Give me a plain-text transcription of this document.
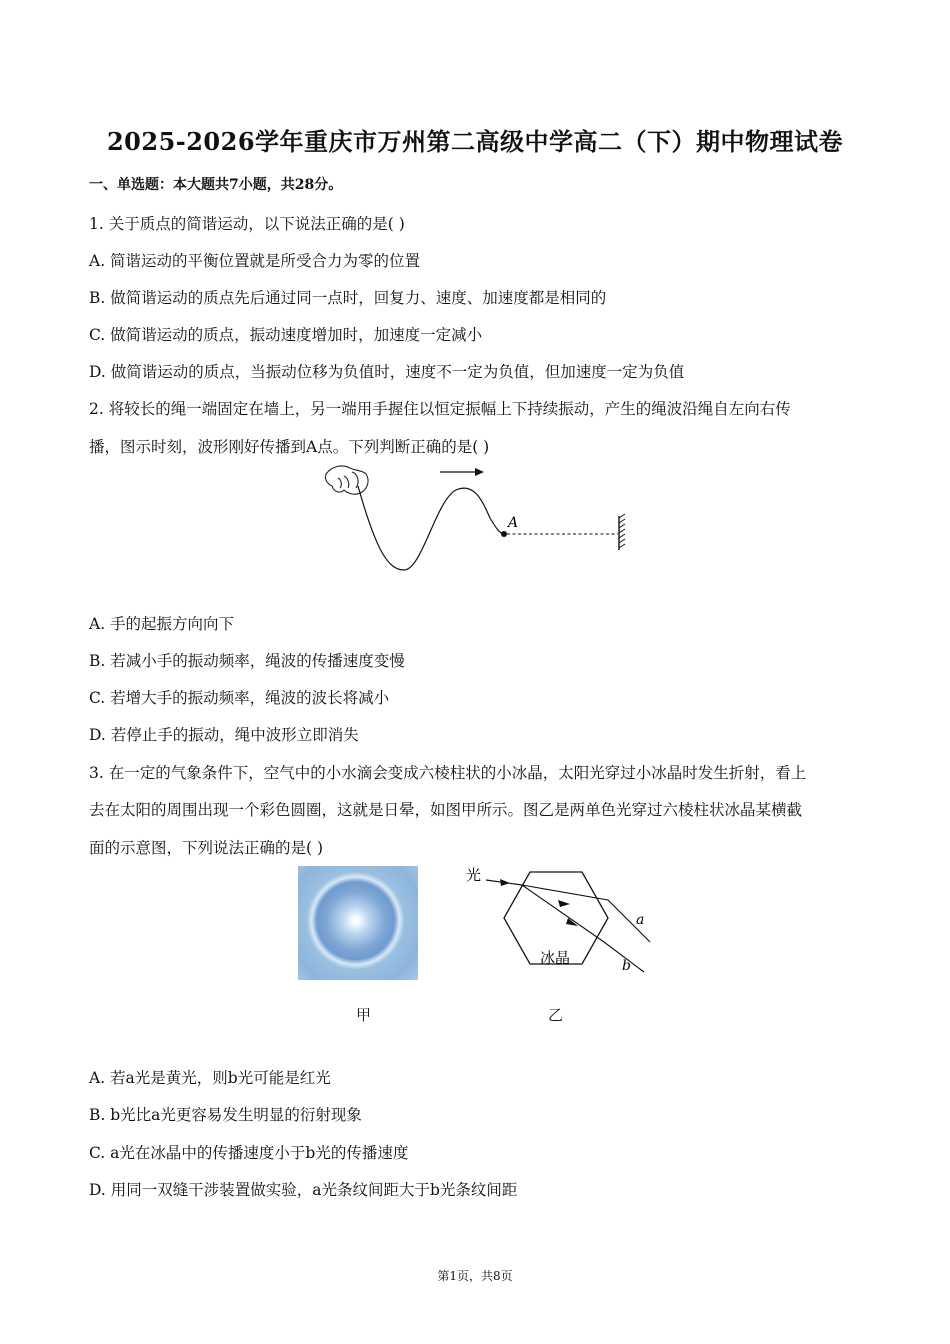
2025-2026学年重庆市万州第二高级中学高二（下）期中物理试卷
一、单选题：本大题共7小题，共28分。
1. 关于质点的简谐运动，以下说法正确的是( )
A. 简谐运动的平衡位置就是所受合力为零的位置
B. 做简谐运动的质点先后通过同一点时，回复力、速度、加速度都是相同的
C. 做简谐运动的质点，振动速度增加时，加速度一定减小
D. 做简谐运动的质点，当振动位移为负值时，速度不一定为负值，但加速度一定为负值
2. 将较长的绳一端固定在墙上，另一端用手握住以恒定振幅上下持续振动，产生的绳波沿绳自左向右传
播，图示时刻，波形刚好传播到A点。下列判断正确的是( )
A
A. 手的起振方向向下
B. 若减小手的振动频率，绳波的传播速度变慢
C. 若增大手的振动频率，绳波的波长将减小
D. 若停止手的振动，绳中波形立即消失
3. 在一定的气象条件下，空气中的小水滴会变成六棱柱状的小冰晶，太阳光穿过小冰晶时发生折射，看上
去在太阳的周围出现一个彩色圆圈，这就是日晕，如图甲所示。图乙是两单色光穿过六棱柱状冰晶某横截
面的示意图，下列说法正确的是( )
光
a
b
冰晶
甲	乙
A. 若a光是黄光，则b光可能是红光
B. b光比a光更容易发生明显的衍射现象
C. a光在冰晶中的传播速度小于b光的传播速度
D. 用同一双缝干涉装置做实验，a光条纹间距大于b光条纹间距
第1页，共8页
